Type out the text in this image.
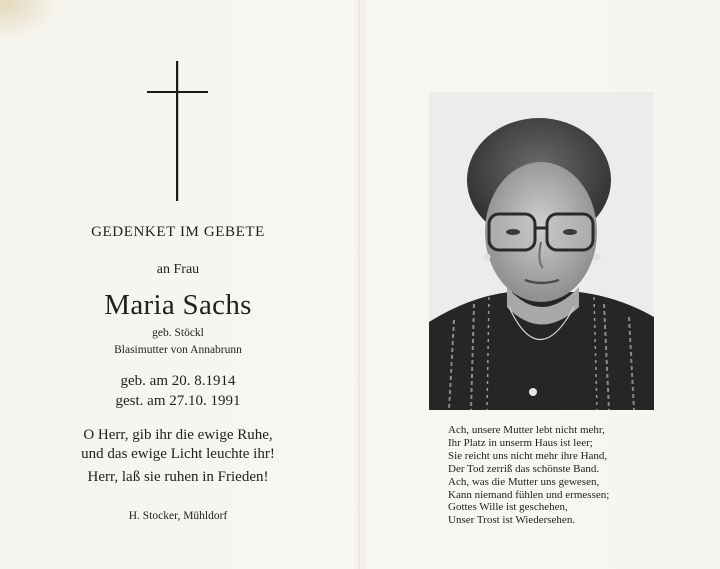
GEDENKET IM GEBETE
an Frau
Maria Sachs
geb. Stöckl
Blasimutter von Annabrunn
geb. am 20. 8.1914
gest. am 27.10. 1991
O Herr, gib ihr die ewige Ruhe,
und das ewige Licht leuchte ihr!
Herr, laß sie ruhen in Frieden!
H. Stocker, Mühldorf
Ach, unsere Mutter lebt nicht mehr,
Ihr Platz in unserm Haus ist leer;
Sie reicht uns nicht mehr ihre Hand,
Der Tod zerriß das schönste Band.
Ach, was die Mutter uns gewesen,
Kann niemand fühlen und ermessen;
Gottes Wille ist geschehen,
Unser Trost ist Wiedersehen.
